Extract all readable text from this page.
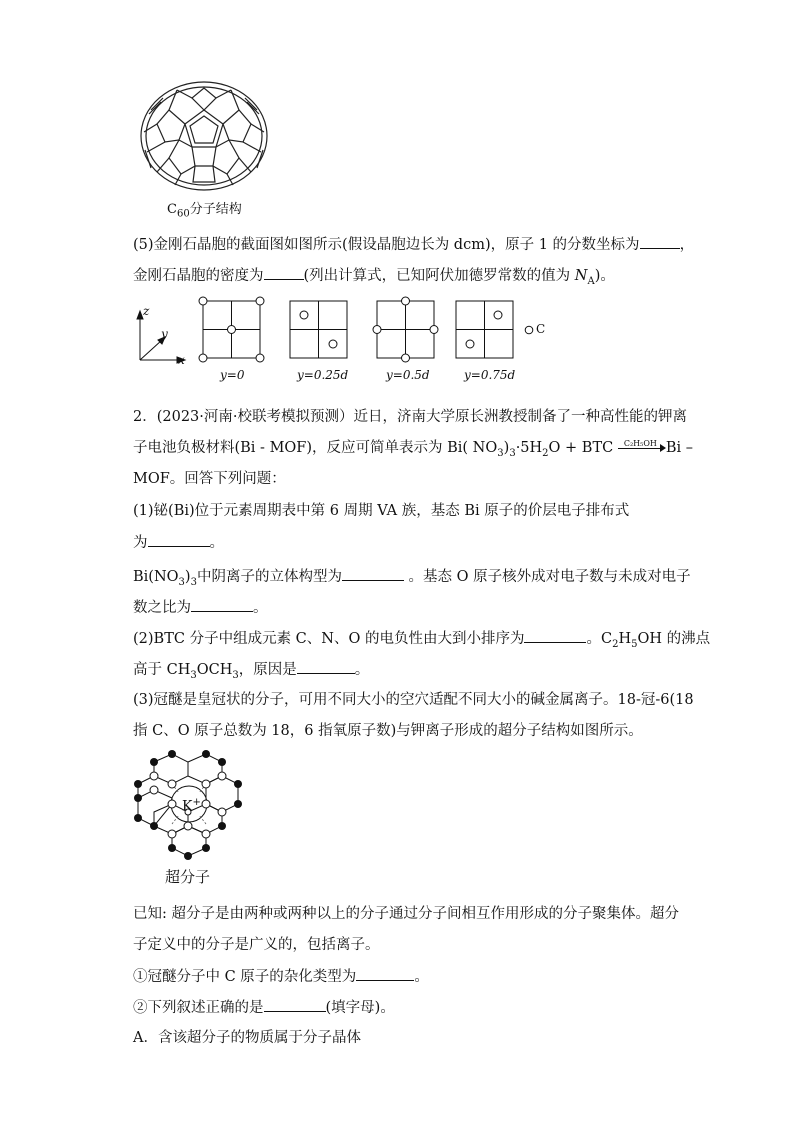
$C_{60}$分子结构
(5)金刚石晶胞的截面图如图所示(假设晶胞边长为 dcm)，原子 1 的分数坐标为	，
金刚石晶胞的密度为	(列出计算式，已知阿伏加德罗常数的值为 $N_A$)。
z
y
x
C
y=0	y=0.25d	y=0.5d	y=0.75d
2．(2023·河南·校联考模拟预测）近日，济南大学原长洲教授制备了一种高性能的钾离
子电池负极材料(Bi - MOF)，反应可简单表示为 Bi( $NO_3)_3\cdot 5H_2O$ + BTC C₂H₅OH Bi –
MOF。回答下列问题：
(1)铋(Bi)位于元素周期表中第 6 周期 VA 族，基态 Bi 原子的价层电子排布式
为	。
$Bi(NO_3)_3$中阴离子的立体构型为	。基态 O 原子核外成对电子数与未成对电子
数之比为	。
(2)BTC 分子中组成元素 C、N、O 的电负性由大到小排序为	。$C_2H_5OH$ 的沸点
高于 $CH_3OCH_3$，原因是	。
(3)冠醚是皇冠状的分子，可用不同大小的空穴适配不同大小的碱金属离子。18-冠-6(18
指 C、O 原子总数为 18，6 指氧原子数)与钾离子形成的超分子结构如图所示。
K+
超分子
已知: 超分子是由两种或两种以上的分子通过分子间相互作用形成的分子聚集体。超分
子定义中的分子是广义的，包括离子。
①冠醚分子中 C 原子的杂化类型为	。
②下列叙述正确的是	(填字母)。
A．含该超分子的物质属于分子晶体
